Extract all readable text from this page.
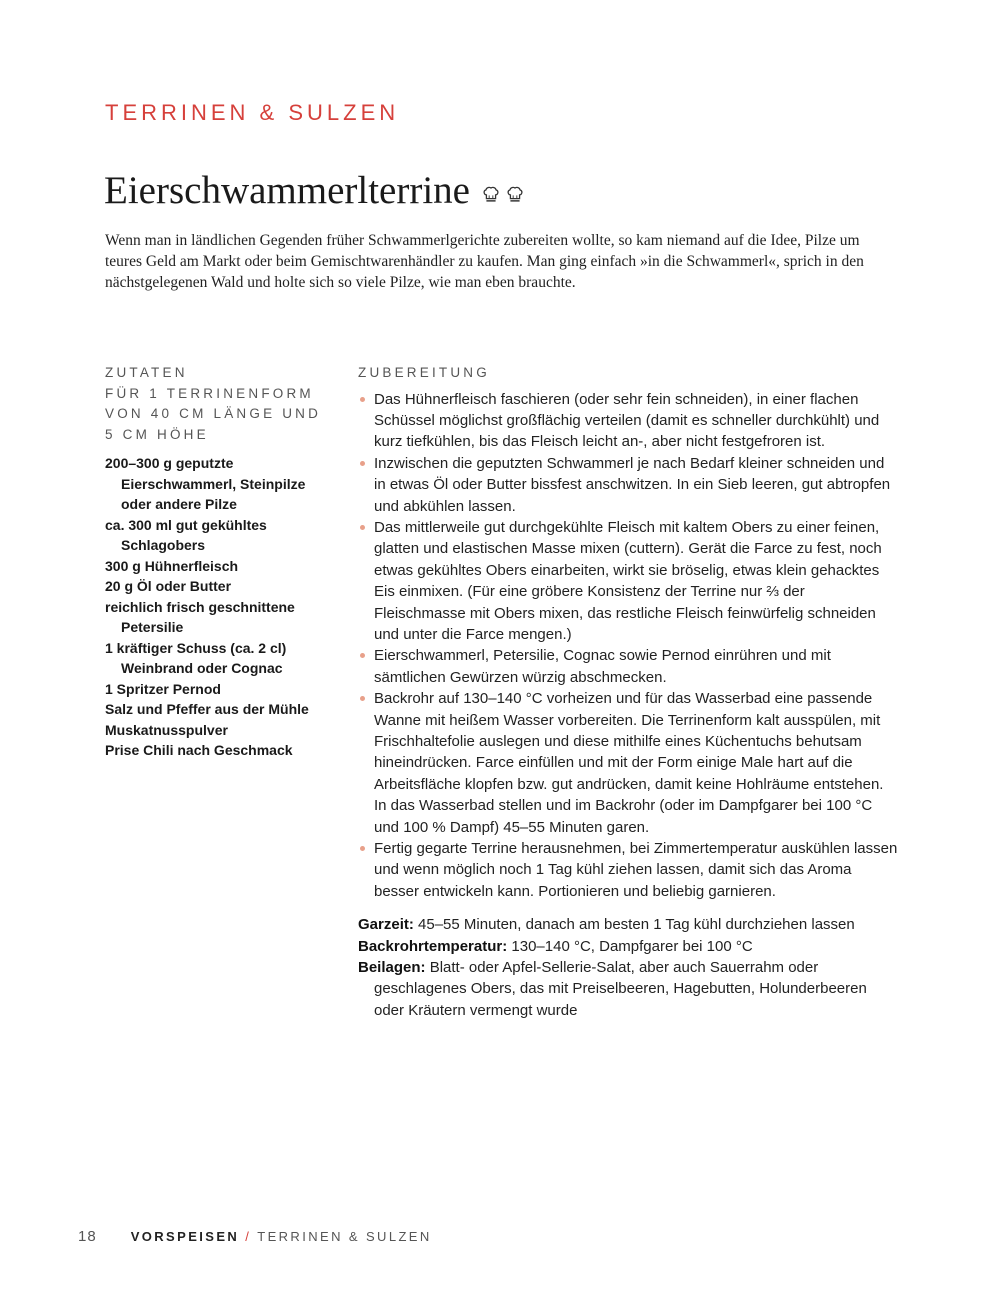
TERRINEN & SULZEN
Eierschwammerlterrine

Wenn man in ländlichen Gegenden früher Schwammerlgerichte zubereiten wollte, so kam niemand auf die Idee, Pilze um teures Geld am Markt oder beim Gemischtwarenhändler zu kaufen. Man ging einfach »in die Schwammerl«, sprich in den nächstgelegenen Wald und holte sich so viele Pilze, wie man eben brauchte.

ZUTATEN

FÜR 1 TERRINENFORM VON 40 CM LÄNGE UND 5 CM HÖHE

200–300 g geputzte Eierschwammerl, Steinpilze oder andere Pilze
ca. 300 ml gut gekühltes Schlagobers
300 g Hühnerfleisch
20 g Öl oder Butter
reichlich frisch geschnittene Petersilie
1 kräftiger Schuss (ca. 2 cl) Weinbrand oder Cognac
1 Spritzer Pernod
Salz und Pfeffer aus der Mühle
Muskatnusspulver
Prise Chili nach Geschmack

ZUBEREITUNG

Das Hühnerfleisch faschieren (oder sehr fein schneiden), in einer flachen Schüssel möglichst großflächig verteilen (damit es schneller durchkühlt) und kurz tiefkühlen, bis das Fleisch leicht an-, aber nicht festgefroren ist.
Inzwischen die geputzten Schwammerl je nach Bedarf kleiner schneiden und in etwas Öl oder Butter bissfest anschwitzen. In ein Sieb leeren, gut abtropfen und abkühlen lassen.
Das mittlerweile gut durchgekühlte Fleisch mit kaltem Obers zu einer feinen, glatten und elastischen Masse mixen (cuttern). Gerät die Farce zu fest, noch etwas gekühltes Obers einarbeiten, wirkt sie bröselig, etwas klein gehacktes Eis einmixen. (Für eine gröbere Konsistenz der Terrine nur ⅔ der Fleischmasse mit Obers mixen, das restliche Fleisch feinwürfelig schneiden und unter die Farce mengen.)
Eierschwammerl, Petersilie, Cognac sowie Pernod einrühren und mit sämtlichen Gewürzen würzig abschmecken.
Backrohr auf 130–140 °C vorheizen und für das Wasserbad eine passende Wanne mit heißem Wasser vorbereiten. Die Terrinenform kalt ausspülen, mit Frischhaltefolie auslegen und diese mithilfe eines Küchentuchs behutsam hineindrücken. Farce einfüllen und mit der Form einige Male hart auf die Arbeitsfläche klopfen bzw. gut andrücken, damit keine Hohlräume entstehen. In das Wasserbad stellen und im Backrohr (oder im Dampfgarer bei 100 °C und 100 % Dampf) 45–55 Minuten garen.
Fertig gegarte Terrine herausnehmen, bei Zimmertemperatur auskühlen lassen und wenn möglich noch 1 Tag kühl ziehen lassen, damit sich das Aroma besser entwickeln kann. Portionieren und beliebig garnieren.
Garzeit: 45–55 Minuten, danach am besten 1 Tag kühl durchziehen lassen
Backrohrtemperatur: 130–140 °C, Dampfgarer bei 100 °C
Beilagen: Blatt- oder Apfel-Sellerie-Salat, aber auch Sauerrahm oder geschlagenes Obers, das mit Preiselbeeren, Hagebutten, Holunderbeeren oder Kräutern vermengt wurde
18	VORSPEISEN / TERRINEN & SULZEN
